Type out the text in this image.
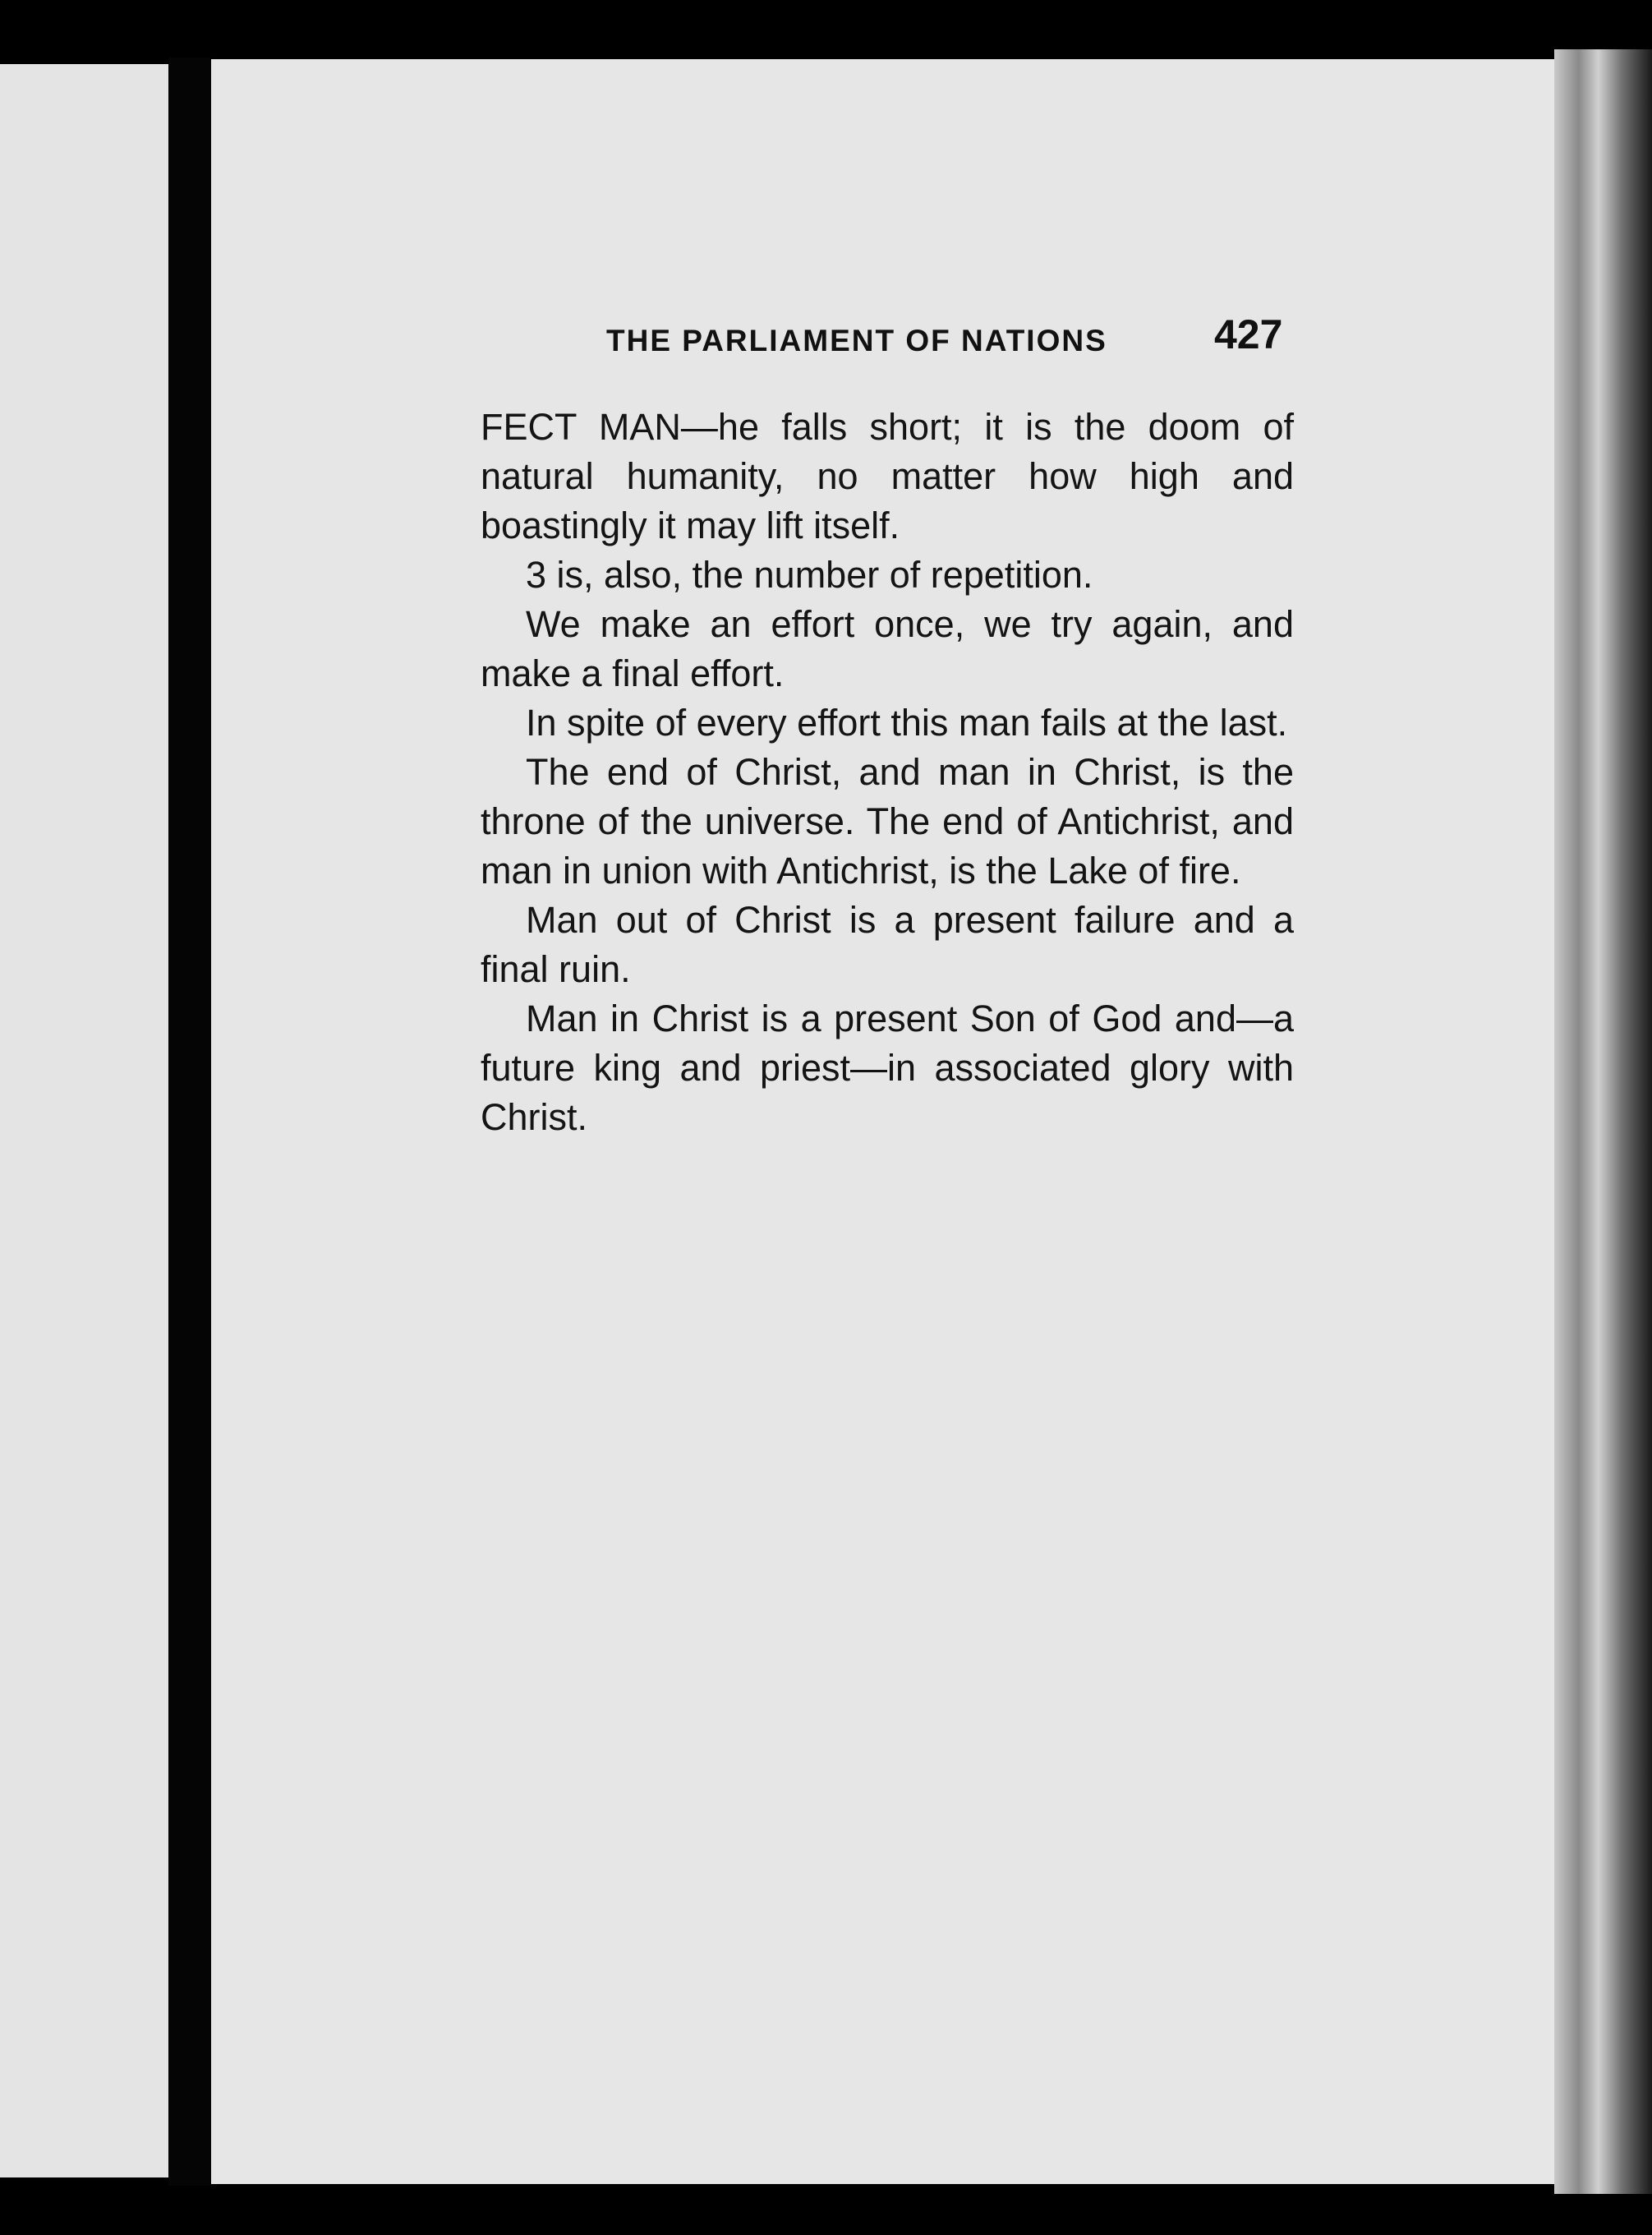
THE PARLIAMENT OF NATIONS	427

FECT MAN—he falls short; it is the doom of natural humanity, no matter how high and boastingly it may lift itself.

3 is, also, the number of repetition.

We make an effort once, we try again, and make a final effort.

In spite of every effort this man fails at the last.

The end of Christ, and man in Christ, is the throne of the universe. The end of Antichrist, and man in union with Antichrist, is the Lake of fire.

Man out of Christ is a present failure and a final ruin.

Man in Christ is a present Son of God and—a future king and priest—in associated glory with Christ.
